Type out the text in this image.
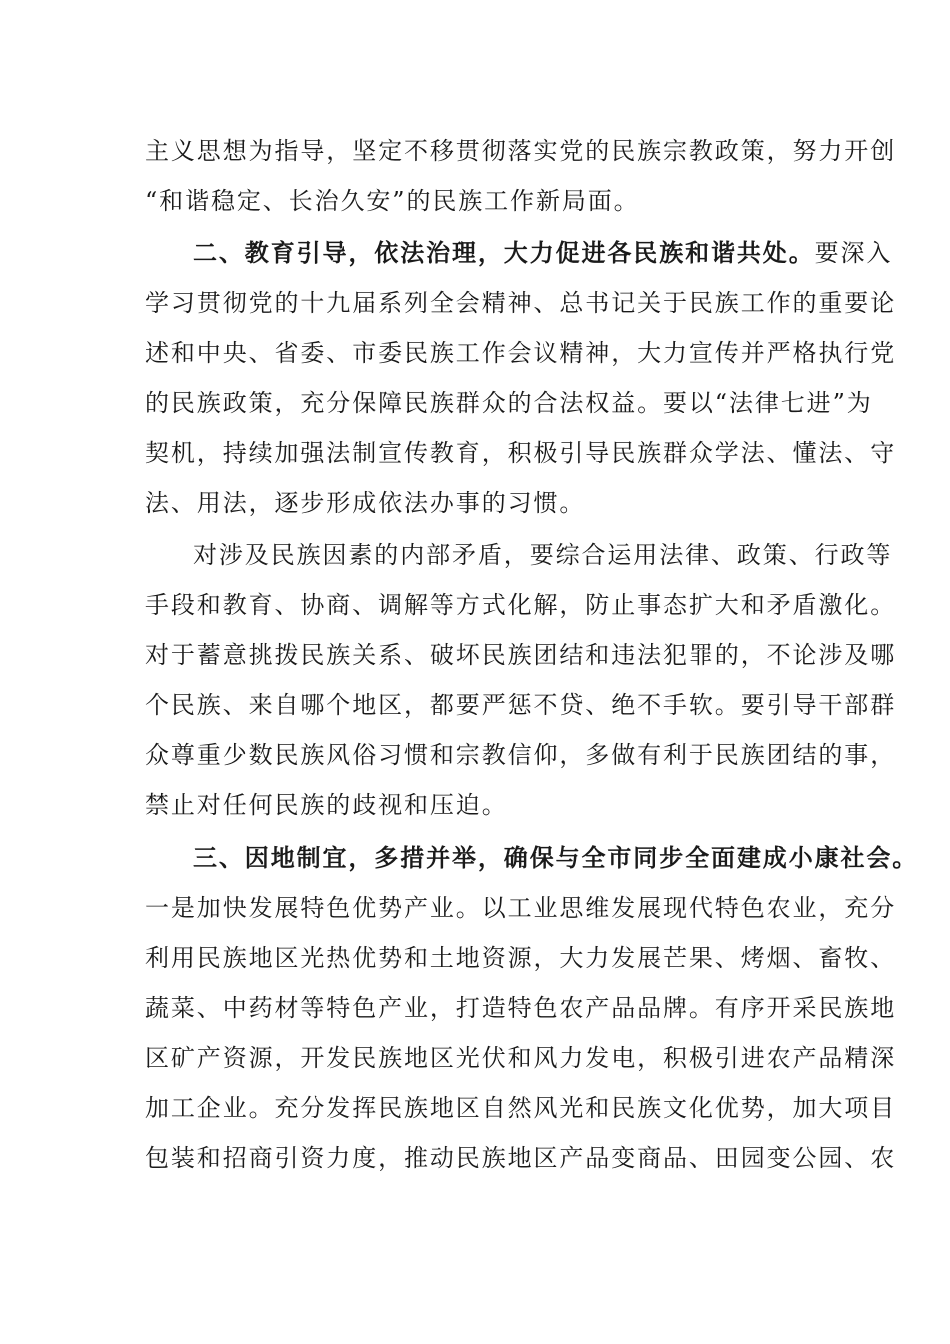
主义思想为指导，坚定不移贯彻落实党的民族宗教政策，努力开创
“和谐稳定、长治久安”的民族工作新局面。
二、教育引导，依法治理，大力促进各民族和谐共处。要深入
学习贯彻党的十九届系列全会精神、总书记关于民族工作的重要论
述和中央、省委、市委民族工作会议精神，大力宣传并严格执行党
的民族政策，充分保障民族群众的合法权益。要以“法律七进”为
契机，持续加强法制宣传教育，积极引导民族群众学法、懂法、守
法、用法，逐步形成依法办事的习惯。
对涉及民族因素的内部矛盾，要综合运用法律、政策、行政等
手段和教育、协商、调解等方式化解，防止事态扩大和矛盾激化。
对于蓄意挑拨民族关系、破坏民族团结和违法犯罪的，不论涉及哪
个民族、来自哪个地区，都要严惩不贷、绝不手软。要引导干部群
众尊重少数民族风俗习惯和宗教信仰，多做有利于民族团结的事，
禁止对任何民族的歧视和压迫。
三、因地制宜，多措并举，确保与全市同步全面建成小康社会。
一是加快发展特色优势产业。以工业思维发展现代特色农业，充分
利用民族地区光热优势和土地资源，大力发展芒果、烤烟、畜牧、
蔬菜、中药材等特色产业，打造特色农产品品牌。有序开采民族地
区矿产资源，开发民族地区光伏和风力发电，积极引进农产品精深
加工企业。充分发挥民族地区自然风光和民族文化优势，加大项目
包装和招商引资力度，推动民族地区产品变商品、田园变公园、农
